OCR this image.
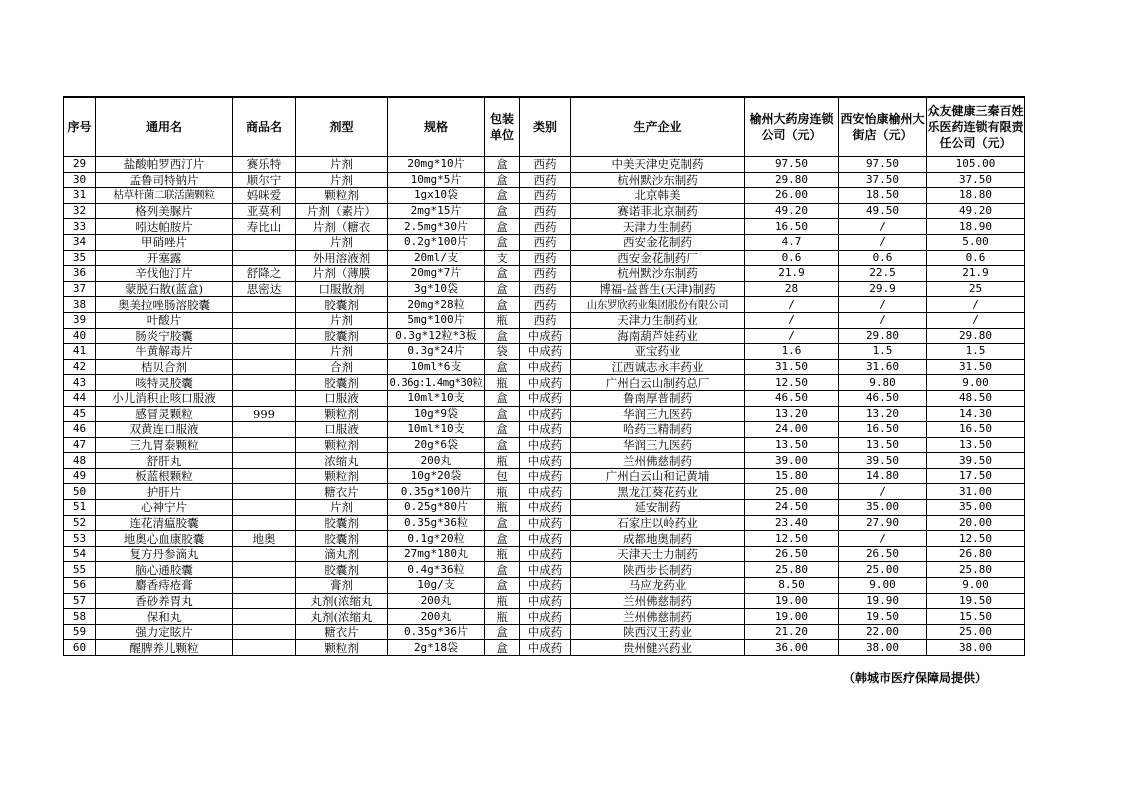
序号	通用名	商品名	剂型	规格	包装单位	类别	生产企业	榆州大药房连锁公司（元）	西安怡康榆州大街店（元）	众友健康三秦百姓乐医药连锁有限责任公司（元）
29	盐酸帕罗西汀片	赛乐特	片剂	20mg*10片	盒	西药	中美天津史克制药	97.50	97.50	105.00
30	孟鲁司特钠片	顺尔宁	片剂	10mg*5片	盒	西药	杭州默沙东制药	29.80	37.50	37.50
31	枯草杆菌二联活菌颗粒	妈咪爱	颗粒剂	1gx10袋	盒	西药	北京韩美	26.00	18.50	18.80
32	格列美脲片	亚莫利	片剂（素片）	2mg*15片	盒	西药	赛诺菲北京制药	49.20	49.50	49.20
33	吲达帕胺片	寿比山	片剂（糖衣	2.5mg*30片	盒	西药	天津力生制药	16.50	/	18.90
34	甲硝唑片		片剂	0.2g*100片	盒	西药	西安金花制药	4.7	/	5.00
35	开塞露		外用溶液剂	20ml/支	支	西药	西安金花制药厂	0.6	0.6	0.6
36	辛伐他汀片	舒降之	片剂（薄膜	20mg*7片	盒	西药	杭州默沙东制药	21.9	22.5	21.9
37	蒙脱石散(蓝盒)	思密达	口服散剂	3g*10袋	盒	西药	博福-益普生(天津)制药	28	29.9	25
38	奥美拉唑肠溶胶囊		胶囊剂	20mg*28粒	盒	西药	山东罗欣药业集团股份有限公司	/	/	/
39	叶酸片		片剂	5mg*100片	瓶	西药	天津力生制药业	/	/	/
40	肠炎宁胶囊		胶囊剂	0.3g*12粒*3板	盒	中成药	海南葫芦娃药业	/	29.80	29.80
41	牛黄解毒片		片剂	0.3g*24片	袋	中成药	亚宝药业	1.6	1.5	1.5
42	桔贝合剂		合剂	10ml*6支	盒	中成药	江西诚志永丰药业	31.50	31.60	31.50
43	咳特灵胶囊		胶囊剂	0.36g:1.4mg*30粒	瓶	中成药	广州白云山制药总厂	12.50	9.80	9.00
44	小儿消积止咳口服液		口服液	10ml*10支	盒	中成药	鲁南厚普制药	46.50	46.50	48.50
45	感冒灵颗粒	999	颗粒剂	10g*9袋	盒	中成药	华润三九医药	13.20	13.20	14.30
46	双黄连口服液		口服液	10ml*10支	盒	中成药	哈药三精制药	24.00	16.50	16.50
47	三九胃泰颗粒		颗粒剂	20g*6袋	盒	中成药	华润三九医药	13.50	13.50	13.50
48	舒肝丸		浓缩丸	200丸	瓶	中成药	兰州佛慈制药	39.00	39.50	39.50
49	板蓝根颗粒		颗粒剂	10g*20袋	包	中成药	广州白云山和记黄埔	15.80	14.80	17.50
50	护肝片		糖衣片	0.35g*100片	瓶	中成药	黑龙江葵花药业	25.00	/	31.00
51	心神宁片		片剂	0.25g*80片	瓶	中成药	延安制药	24.50	35.00	35.00
52	连花清瘟胶囊		胶囊剂	0.35g*36粒	盒	中成药	石家庄以岭药业	23.40	27.90	20.00
53	地奥心血康胶囊	地奥	胶囊剂	0.1g*20粒	盒	中成药	成都地奥制药	12.50	/	12.50
54	复方丹参滴丸		滴丸剂	27mg*180丸	瓶	中成药	天津天士力制药	26.50	26.50	26.80
55	脑心通胶囊		胶囊剂	0.4g*36粒	盒	中成药	陕西步长制药	25.80	25.00	25.80
56	麝香痔疮膏		膏剂	10g/支	盒	中成药	马应龙药业	8.50	9.00	9.00
57	香砂养胃丸		丸剂(浓缩丸	200丸	瓶	中成药	兰州佛慈制药	19.00	19.90	19.50
58	保和丸		丸剂(浓缩丸	200丸	瓶	中成药	兰州佛慈制药	19.00	19.50	15.50
59	强力定眩片		糖衣片	0.35g*36片	盒	中成药	陕西汉王药业	21.20	22.00	25.00
60	醒脾养儿颗粒		颗粒剂	2g*18袋	盒	中成药	贵州健兴药业	36.00	38.00	38.00
（韩城市医疗保障局提供）
